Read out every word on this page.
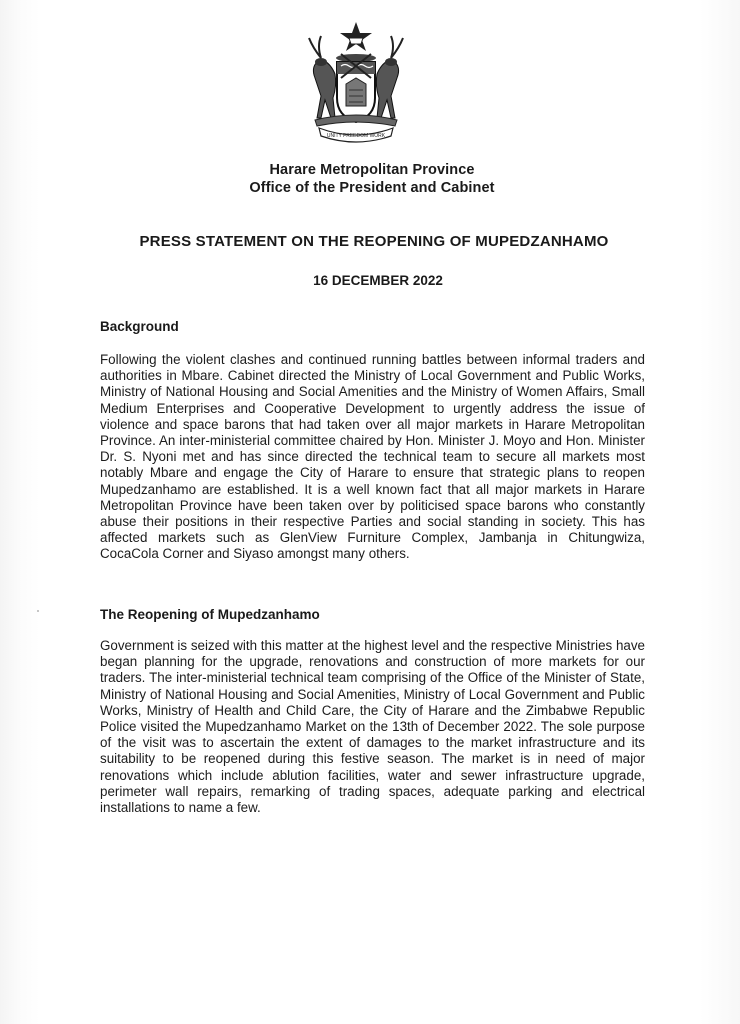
UNITY FREEDOM WORK
Harare Metropolitan Province
Office of the President and Cabinet
PRESS STATEMENT ON THE REOPENING OF MUPEDZANHAMO
16 DECEMBER 2022
Background
Following the violent clashes and continued running battles between informal traders and authorities in Mbare. Cabinet directed the Ministry of Local Government and Public Works, Ministry of National Housing and Social Amenities and the Ministry of Women Affairs, Small Medium Enterprises and Cooperative Development to urgently address the issue of violence and space barons that had taken over all major markets in Harare Metropolitan Province. An inter-ministerial committee chaired by Hon. Minister J. Moyo and Hon. Minister Dr. S. Nyoni met and has since directed the technical team to secure all markets most notably Mbare and engage the City of Harare to ensure that strategic plans to reopen Mupedzanhamo are established. It is a well known fact that all major markets in Harare Metropolitan Province have been taken over by politicised space barons who constantly abuse their positions in their respective Parties and social standing in society. This has affected markets such as GlenView Furniture Complex, Jambanja in Chitungwiza, CocaCola Corner and Siyaso amongst many others.
The Reopening of Mupedzanhamo
Government is seized with this matter at the highest level and the respective Ministries have began planning for the upgrade, renovations and construction of more markets for our traders. The inter-ministerial technical team comprising of the Office of the Minister of State, Ministry of National Housing and Social Amenities, Ministry of Local Government and Public Works, Ministry of Health and Child Care, the City of Harare and the Zimbabwe Republic Police visited the Mupedzanhamo Market on the 13th of December 2022. The sole purpose of the visit was to ascertain the extent of damages to the market infrastructure and its suitability to be reopened during this festive season. The market is in need of major renovations which include ablution facilities, water and sewer infrastructure upgrade, perimeter wall repairs, remarking of trading spaces, adequate parking and electrical installations to name a few.
